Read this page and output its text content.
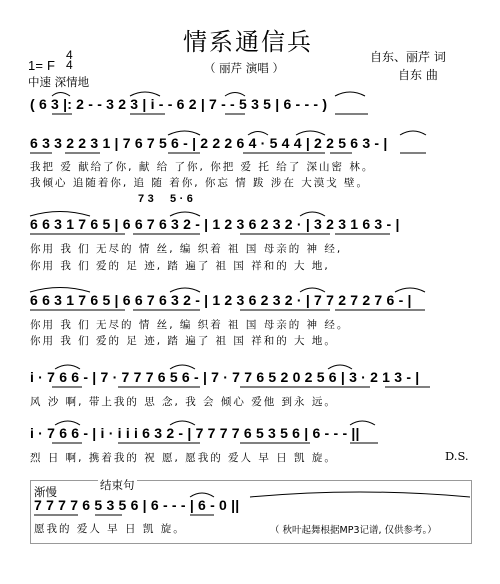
情系通信兵
（ 丽芹 演唱 ）
自东、丽芹 词
自东 曲
1= F
4
4
中速 深情地
( 6 3 |: 2 - - 3 2 3 | i - - 6 2 | 7 - - 5 3 5 | 6 - - - )
6 3 3 2 2 3 1 | 7 6 7 5 6 - | 2 2 2 6 4 · 5 4 4 | 2 2 5 6 3 - |
我把 爱 献给了你, 献 给 了你, 你把 爱 托 给了 深山密 林。
我倾心 追随着你, 追 随 着你, 你忘 情 跋 涉在 大漠戈 壁。
7 3 5 · 6
6 6 3 1 7 6 5 | 6 6 7 6 3 2 - | 1 2 3 6 2 3 2 · | 3 2 3 1 6 3 - |
你用 我 们 无尽的 情 丝, 编 织着 祖 国 母亲的 神 经,
你用 我 们 爱的 足 迹, 踏 遍了 祖 国 祥和的 大 地,
6 6 3 1 7 6 5 | 6 6 7 6 3 2 - | 1 2 3 6 2 3 2 · | 7 7 2 7 2 7 6 - |
你用 我 们 无尽的 情 丝, 编 织着 祖 国 母亲的 神 经。
你用 我 们 爱的 足 迹, 踏 遍了 祖 国 祥和的 大 地。
i · 7 6 6 - | 7 · 7 7 7 6 5 6 - | 7 · 7 7 6 5 2 0 2 5 6 | 3 · 2 1 3 - |
风 沙 啊, 带上我的 思 念, 我 会 倾心 爱他 到永 远。
i · 7 6 6 - | i · i i i 6 3 2 - | 7 7 7 7 6 5 3 5 6 | 6 - - - ||
烈 日 啊, 携着我的 祝 愿, 愿我的 爱人 早 日 凯 旋。	D.S.
渐慢	结束句
7 7 7 7 6 5 3 5 6 | 6 - - - | 6 - 0 ||
愿我的 爱人 早 日 凯 旋。	（ 秋叶起舞根据MP3记谱, 仅供参考。）
